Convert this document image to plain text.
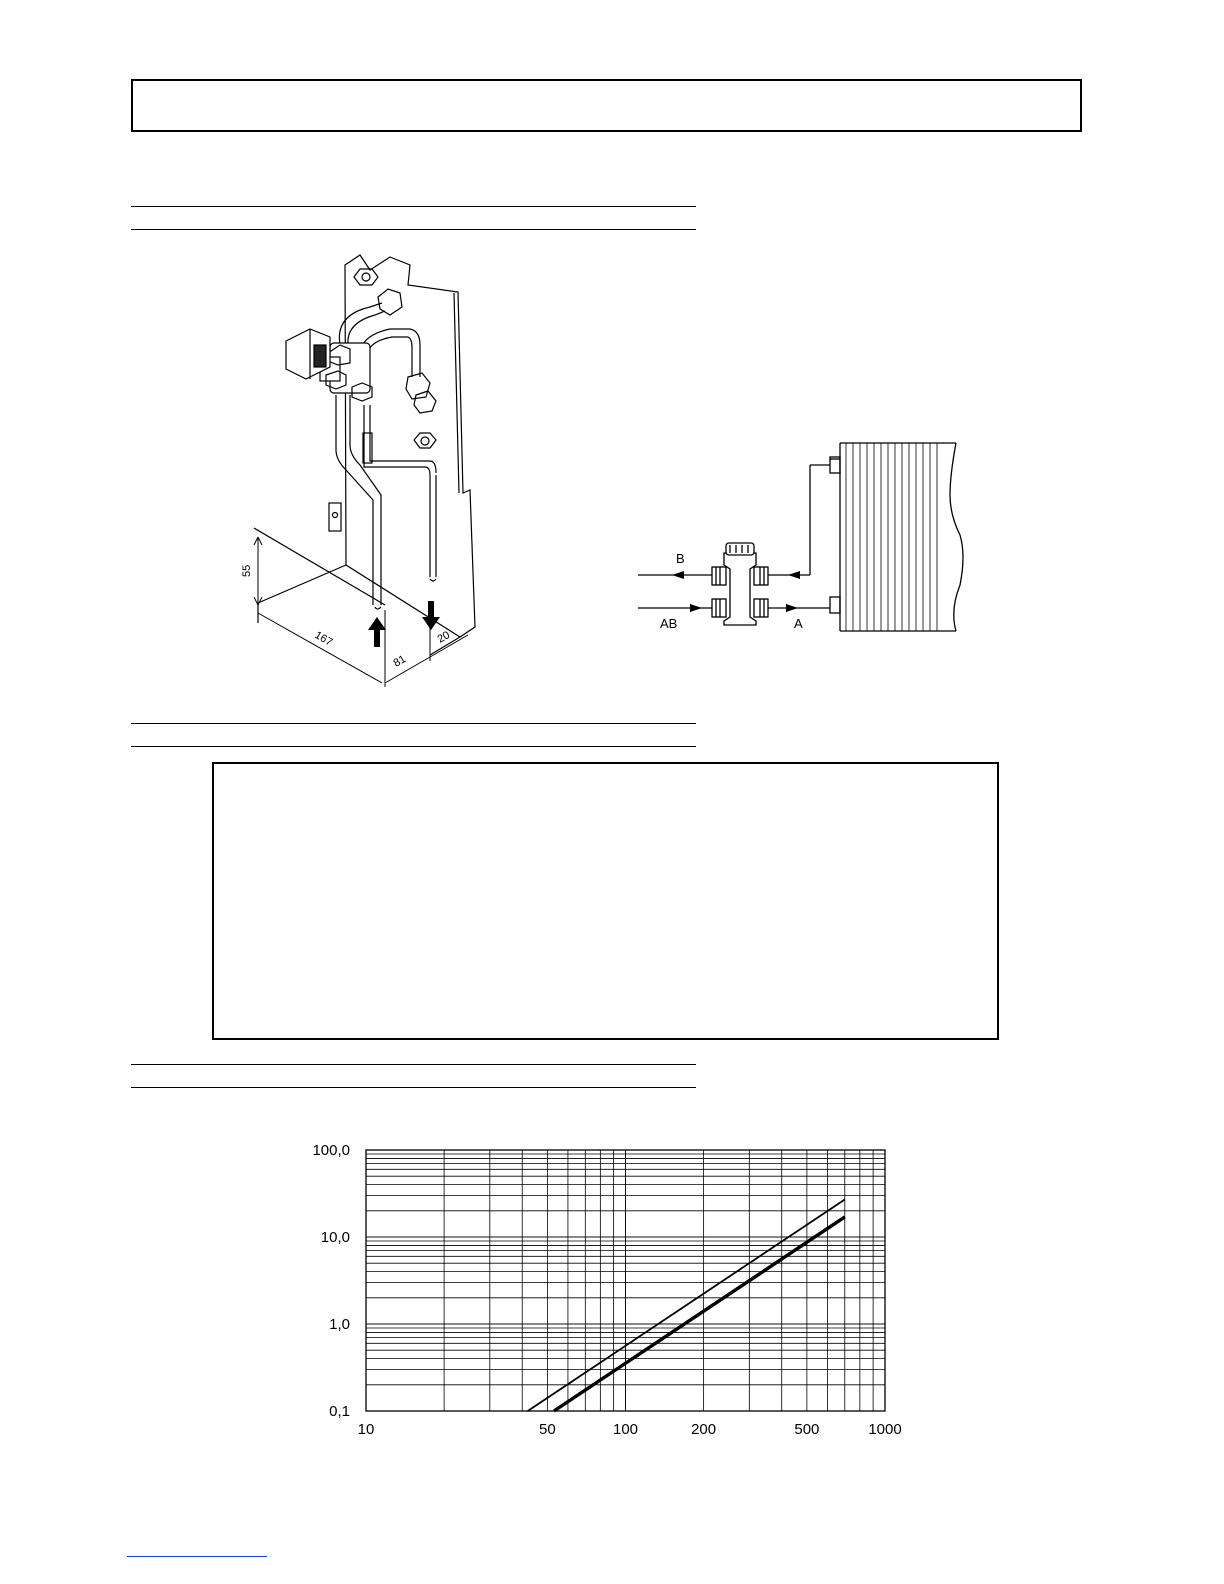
55
167
81
20
B
AB	A
10	50	100	200	500	1000
100,0
10,0
1,0
0,1
